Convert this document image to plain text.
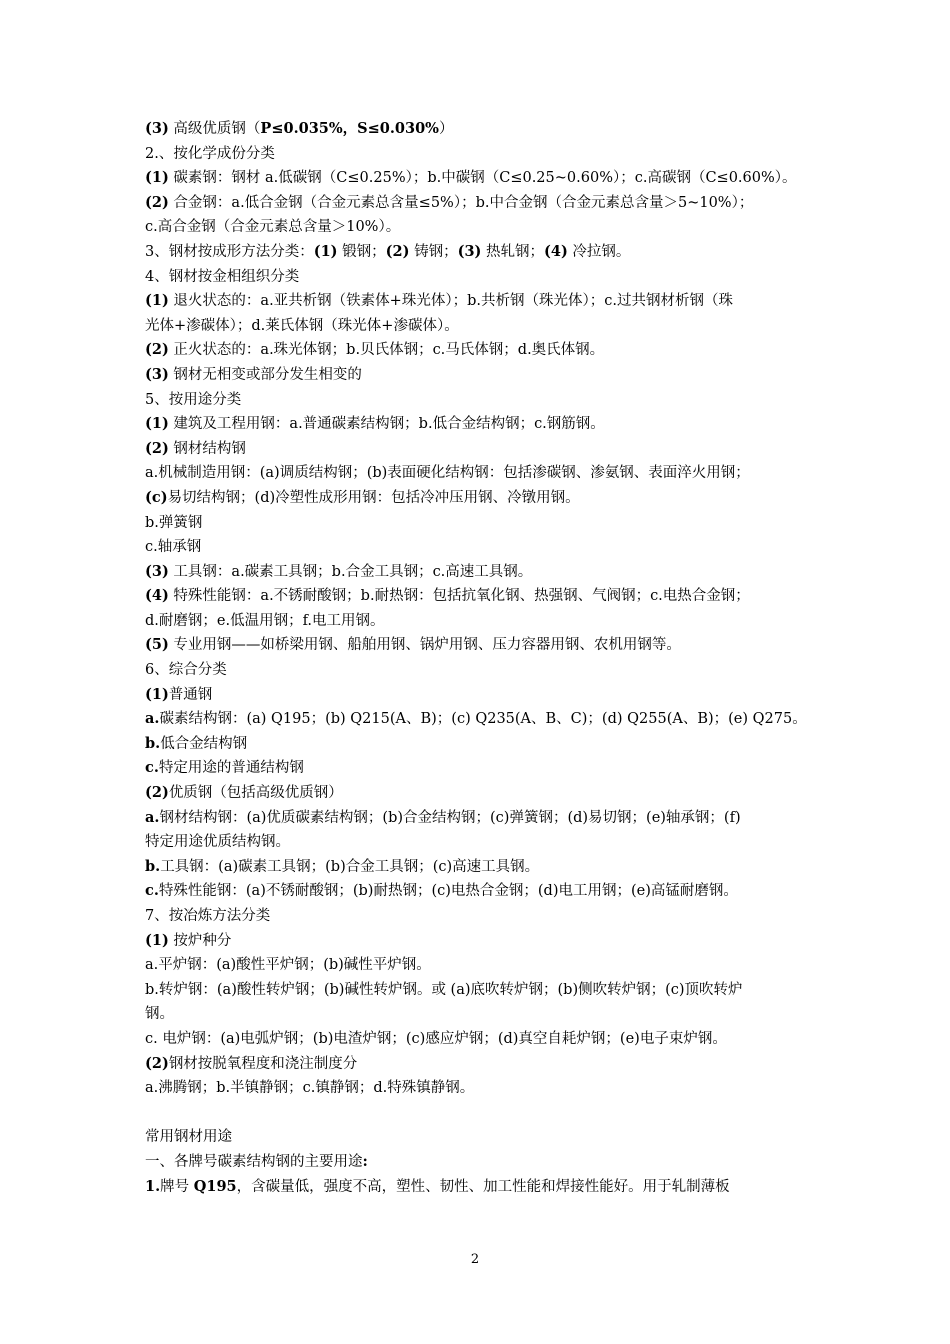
(3) 高级优质钢（P≤0.035%，S≤0.030%）
2.、按化学成份分类
(1) 碳素钢：钢材 a.低碳钢（C≤0.25%）；b.中碳钢（C≤0.25~0.60%）；c.高碳钢（C≤0.60%）。
(2) 合金钢：a.低合金钢（合金元素总含量≤5%）；b.中合金钢（合金元素总含量＞5~10%）；
c.高合金钢（合金元素总含量＞10%）。
3、钢材按成形方法分类：(1) 锻钢；(2) 铸钢；(3) 热轧钢；(4) 冷拉钢。
4、钢材按金相组织分类
(1) 退火状态的：a.亚共析钢（铁素体+珠光体）；b.共析钢（珠光体）；c.过共钢材析钢（珠
光体+渗碳体）；d.莱氏体钢（珠光体+渗碳体）。
(2) 正火状态的：a.珠光体钢；b.贝氏体钢；c.马氏体钢；d.奥氏体钢。
(3) 钢材无相变或部分发生相变的
5、按用途分类
(1) 建筑及工程用钢：a.普通碳素结构钢；b.低合金结构钢；c.钢筋钢。
(2) 钢材结构钢
a.机械制造用钢：(a)调质结构钢；(b)表面硬化结构钢：包括渗碳钢、渗氨钢、表面淬火用钢；
(c)易切结构钢；(d)冷塑性成形用钢：包括冷冲压用钢、冷镦用钢。
b.弹簧钢
c.轴承钢
(3) 工具钢：a.碳素工具钢；b.合金工具钢；c.高速工具钢。
(4) 特殊性能钢：a.不锈耐酸钢；b.耐热钢：包括抗氧化钢、热强钢、气阀钢；c.电热合金钢；
d.耐磨钢；e.低温用钢；f.电工用钢。
(5) 专业用钢——如桥梁用钢、船舶用钢、锅炉用钢、压力容器用钢、农机用钢等。
6、综合分类
(1)普通钢
a.碳素结构钢：(a) Q195；(b) Q215(A、B)；(c) Q235(A、B、C)；(d) Q255(A、B)；(e) Q275。
b.低合金结构钢
c.特定用途的普通结构钢
(2)优质钢（包括高级优质钢）
a.钢材结构钢：(a)优质碳素结构钢；(b)合金结构钢；(c)弹簧钢；(d)易切钢；(e)轴承钢；(f)
特定用途优质结构钢。
b.工具钢：(a)碳素工具钢；(b)合金工具钢；(c)高速工具钢。
c.特殊性能钢：(a)不锈耐酸钢；(b)耐热钢；(c)电热合金钢；(d)电工用钢；(e)高锰耐磨钢。
7、按冶炼方法分类
(1) 按炉种分
a.平炉钢：(a)酸性平炉钢；(b)碱性平炉钢。
b.转炉钢：(a)酸性转炉钢；(b)碱性转炉钢。或 (a)底吹转炉钢；(b)侧吹转炉钢；(c)顶吹转炉
钢。
c. 电炉钢：(a)电弧炉钢；(b)电渣炉钢；(c)感应炉钢；(d)真空自耗炉钢；(e)电子束炉钢。
(2)钢材按脱氧程度和浇注制度分
a.沸腾钢；b.半镇静钢；c.镇静钢；d.特殊镇静钢。
常用钢材用途
一、各牌号碳素结构钢的主要用途:
1.牌号 Q195，含碳量低，强度不高，塑性、韧性、加工性能和焊接性能好。用于轧制薄板
2
